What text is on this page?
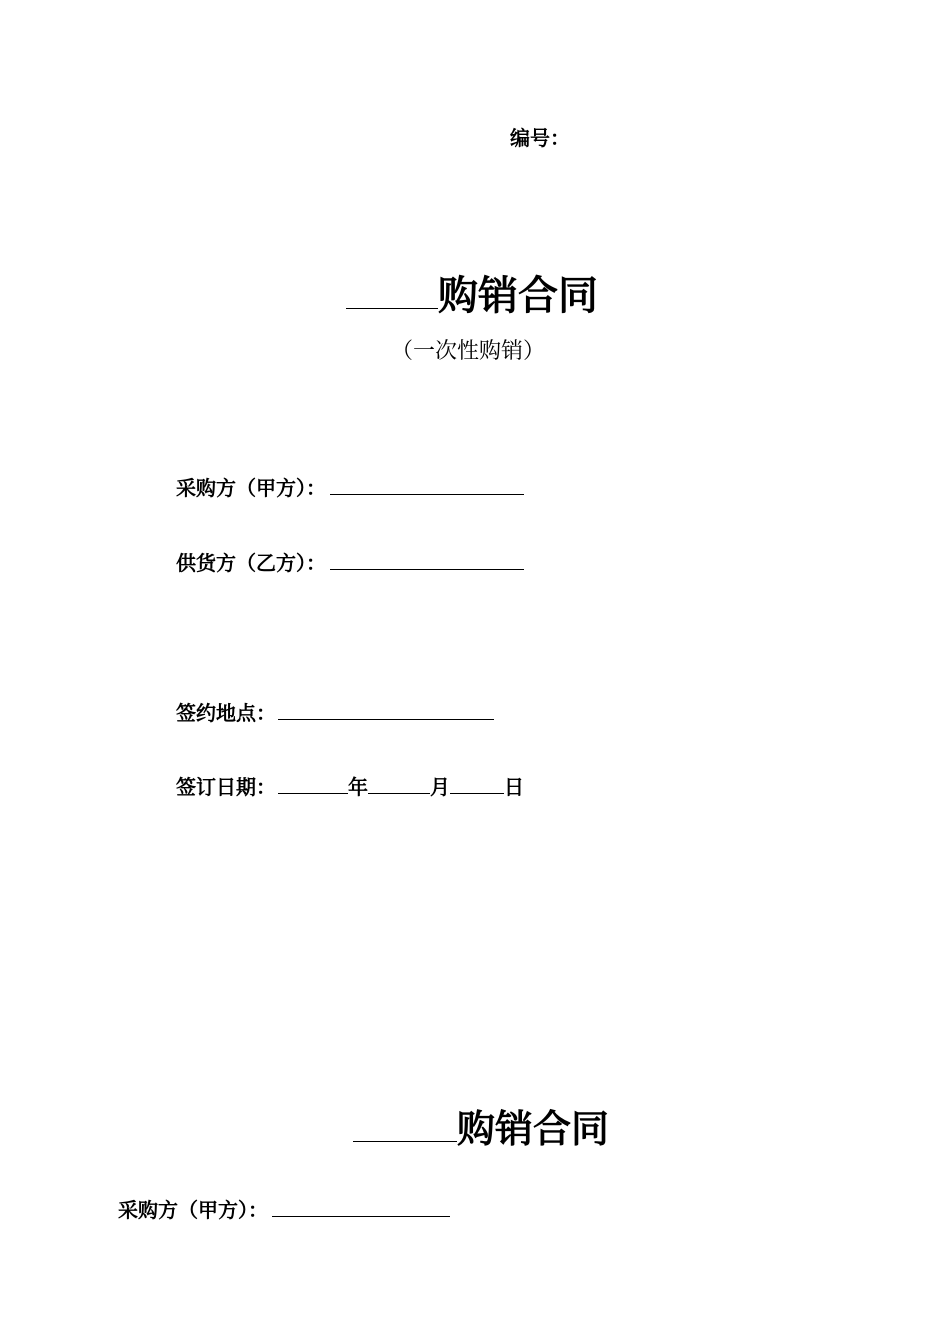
编号：
购销合同
（一次性购销）
采购方（甲方）：
供货方（乙方）：
签约地点：
签订日期：	年	月	日
购销合同
采购方（甲方）：
